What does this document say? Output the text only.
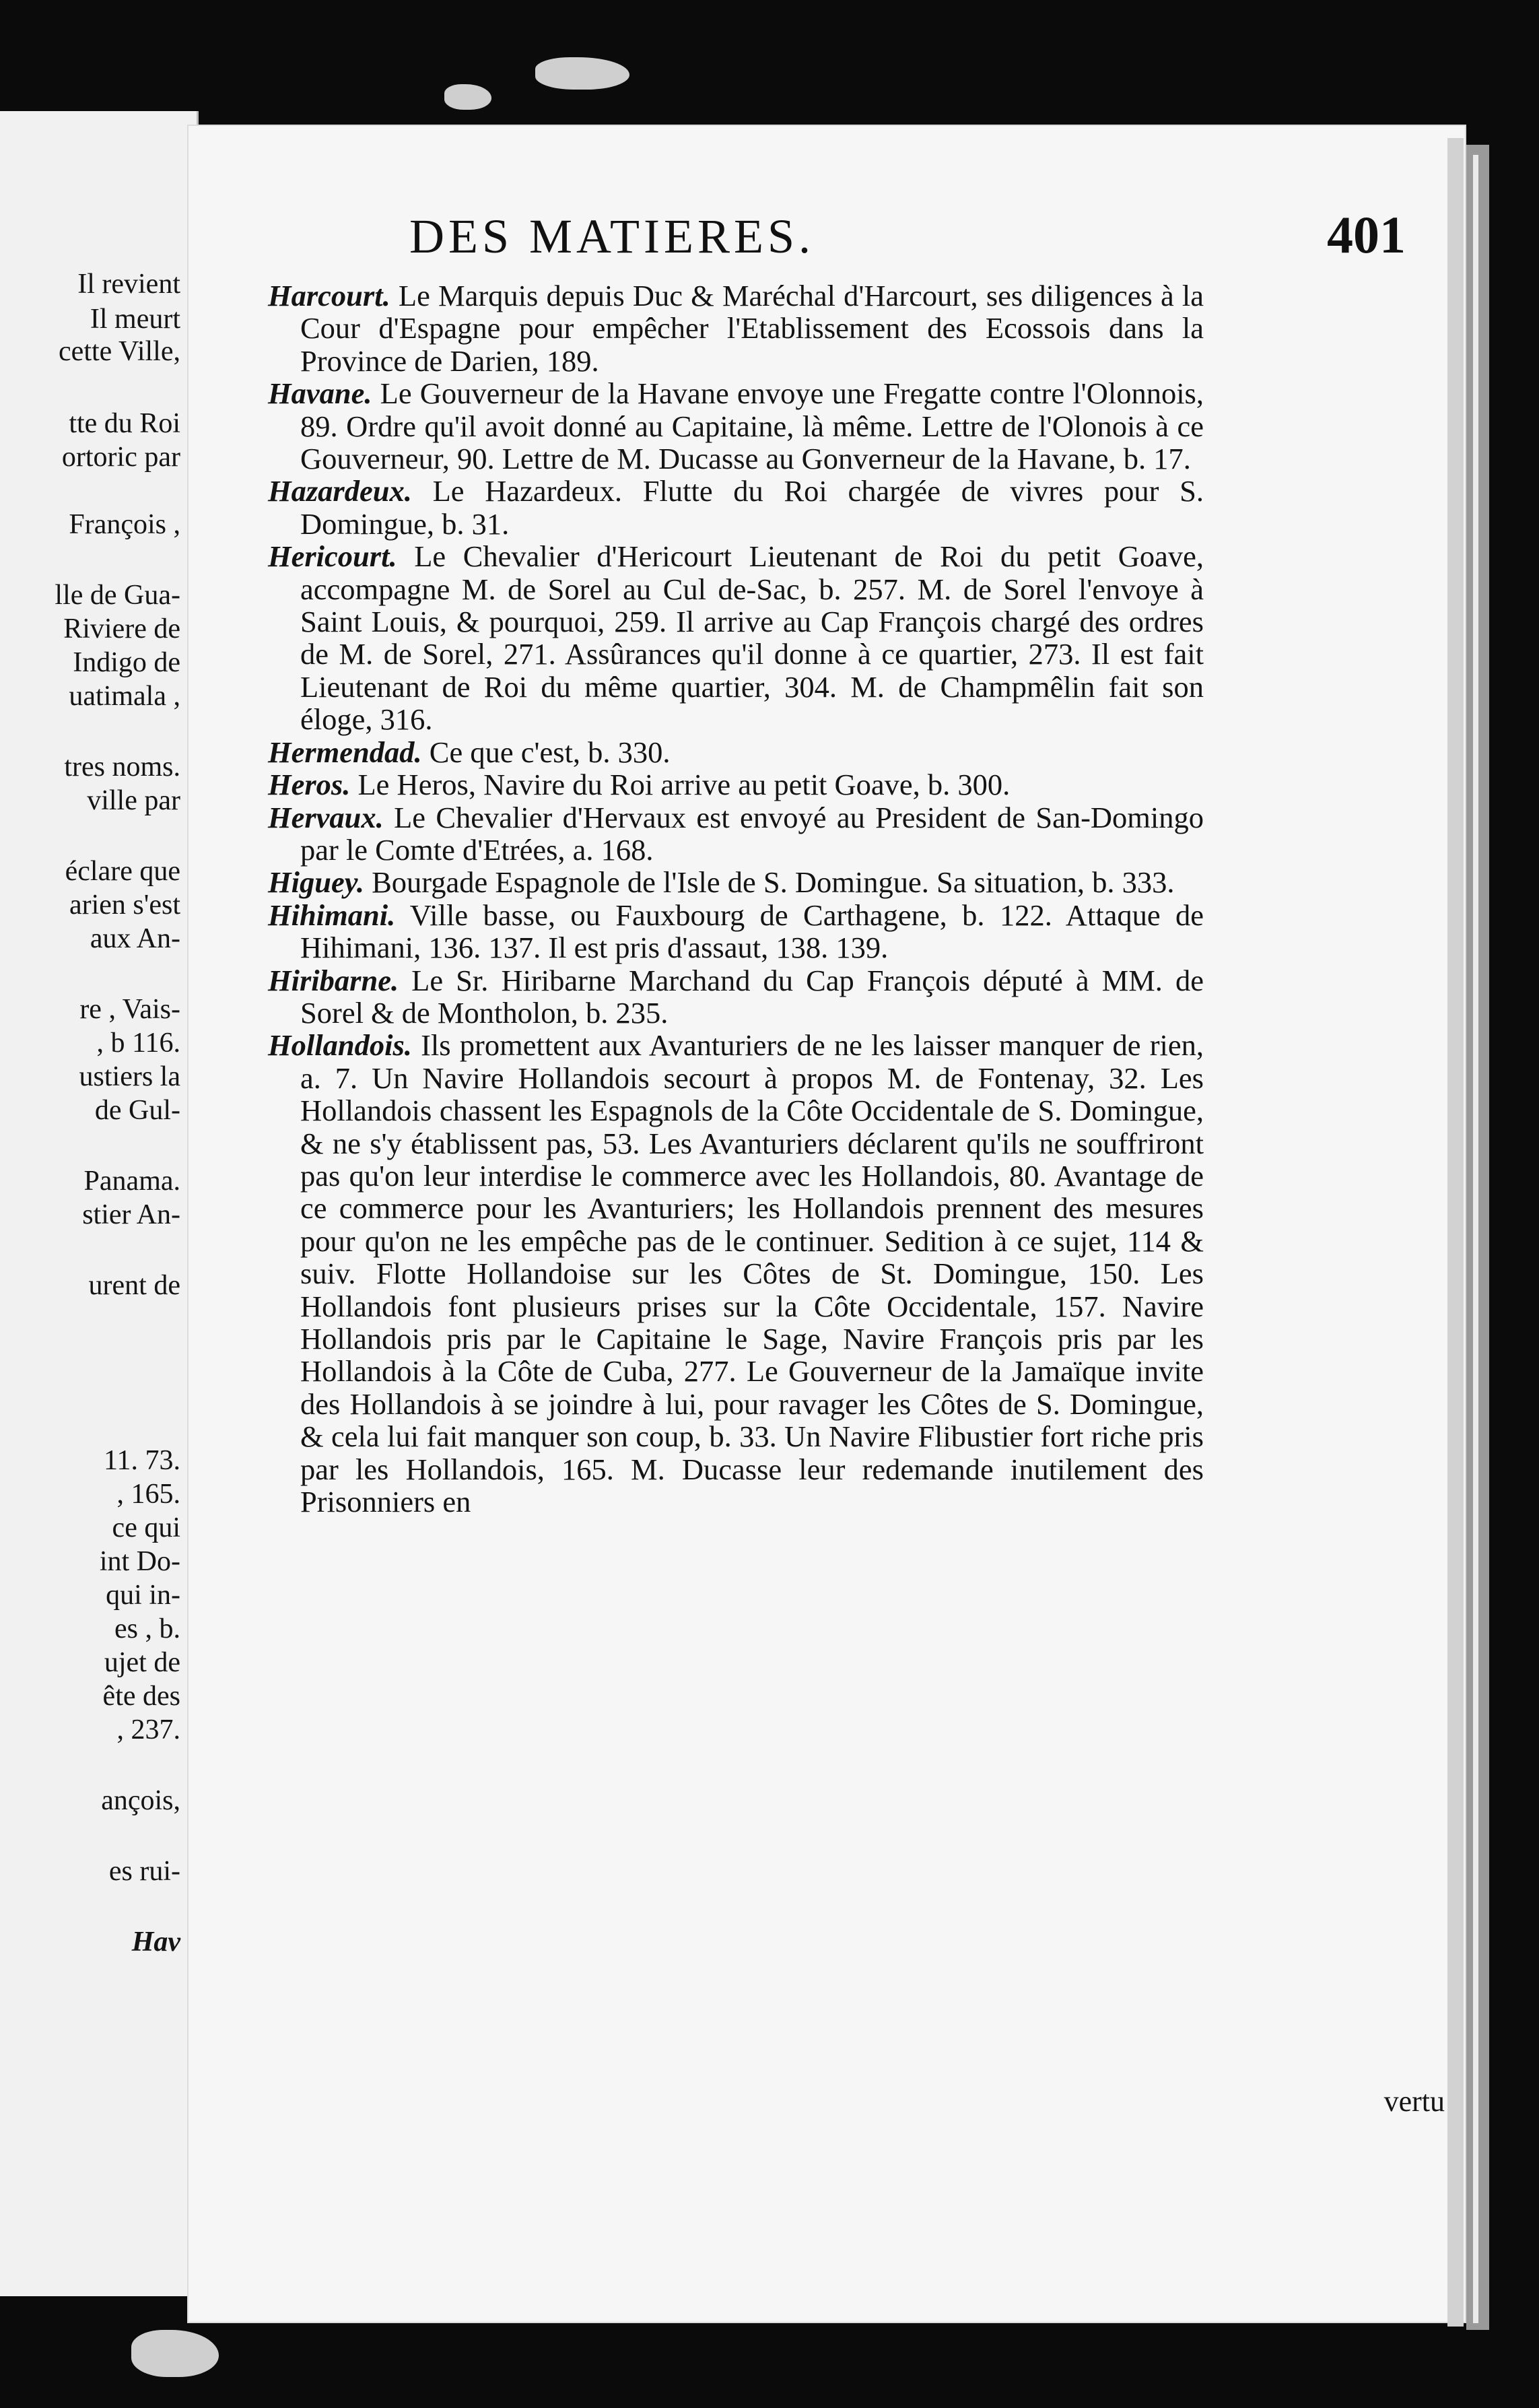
Il revient
Il meurt
cette Ville,
tte du Roi
ortoric par
François ,
lle de Gua-
Riviere de
Indigo de
uatimala ,
tres noms.
ville par
éclare que
arien s'est
aux An-
re , Vais-
, b 116.
ustiers la
de Gul-
Panama.
stier An-
urent de
11. 73.
, 165.
ce qui
int Do-
qui in-
es , b.
ujet de
ête des
, 237.
ançois,
es rui-
Hav
DES MATIERES.	401

Harcourt. Le Marquis depuis Duc & Maréchal d'Harcourt, ses diligences à la Cour d'Espagne pour empêcher l'Etablissement des Ecossois dans la Province de Darien, 189.

Havane. Le Gouverneur de la Havane envoye une Fregatte contre l'Olonnois, 89. Ordre qu'il avoit donné au Capitaine, là même. Lettre de l'Olonois à ce Gouverneur, 90. Lettre de M. Ducasse au Gonverneur de la Havane, b. 17.

Hazardeux. Le Hazardeux. Flutte du Roi chargée de vivres pour S. Domingue, b. 31.

Hericourt. Le Chevalier d'Hericourt Lieutenant de Roi du petit Goave, accompagne M. de Sorel au Cul de-Sac, b. 257. M. de Sorel l'envoye à Saint Louis, & pourquoi, 259. Il arrive au Cap François chargé des ordres de M. de Sorel, 271. Assûrances qu'il donne à ce quartier, 273. Il est fait Lieutenant de Roi du même quartier, 304. M. de Champmêlin fait son éloge, 316.

Hermendad. Ce que c'est, b. 330.

Heros. Le Heros, Navire du Roi arrive au petit Goave, b. 300.

Hervaux. Le Chevalier d'Hervaux est envoyé au President de San-Domingo par le Comte d'Etrées, a. 168.

Higuey. Bourgade Espagnole de l'Isle de S. Domingue. Sa situation, b. 333.

Hihimani. Ville basse, ou Fauxbourg de Carthagene, b. 122. Attaque de Hihimani, 136. 137. Il est pris d'assaut, 138. 139.

Hiribarne. Le Sr. Hiribarne Marchand du Cap François député à MM. de Sorel & de Montholon, b. 235.

Hollandois. Ils promettent aux Avanturiers de ne les laisser manquer de rien, a. 7. Un Navire Hollandois secourt à propos M. de Fontenay, 32. Les Hollandois chassent les Espagnols de la Côte Occidentale de S. Domingue, & ne s'y établissent pas, 53. Les Avanturiers déclarent qu'ils ne souffriront pas qu'on leur interdise le commerce avec les Hollandois, 80. Avantage de ce commerce pour les Avanturiers; les Hollandois prennent des mesures pour qu'on ne les empêche pas de le continuer. Sedition à ce sujet, 114 & suiv. Flotte Hollandoise sur les Côtes de St. Domingue, 150. Les Hollandois font plusieurs prises sur la Côte Occidentale, 157. Navire Hollandois pris par le Capitaine le Sage, Navire François pris par les Hollandois à la Côte de Cuba, 277. Le Gouverneur de la Jamaïque invite des Hollandois à se joindre à lui, pour ravager les Côtes de S. Domingue, & cela lui fait manquer son coup, b. 33. Un Navire Flibustier fort riche pris par les Hollandois, 165. M. Ducasse leur redemande inutilement des Prisonniers en

vertu
